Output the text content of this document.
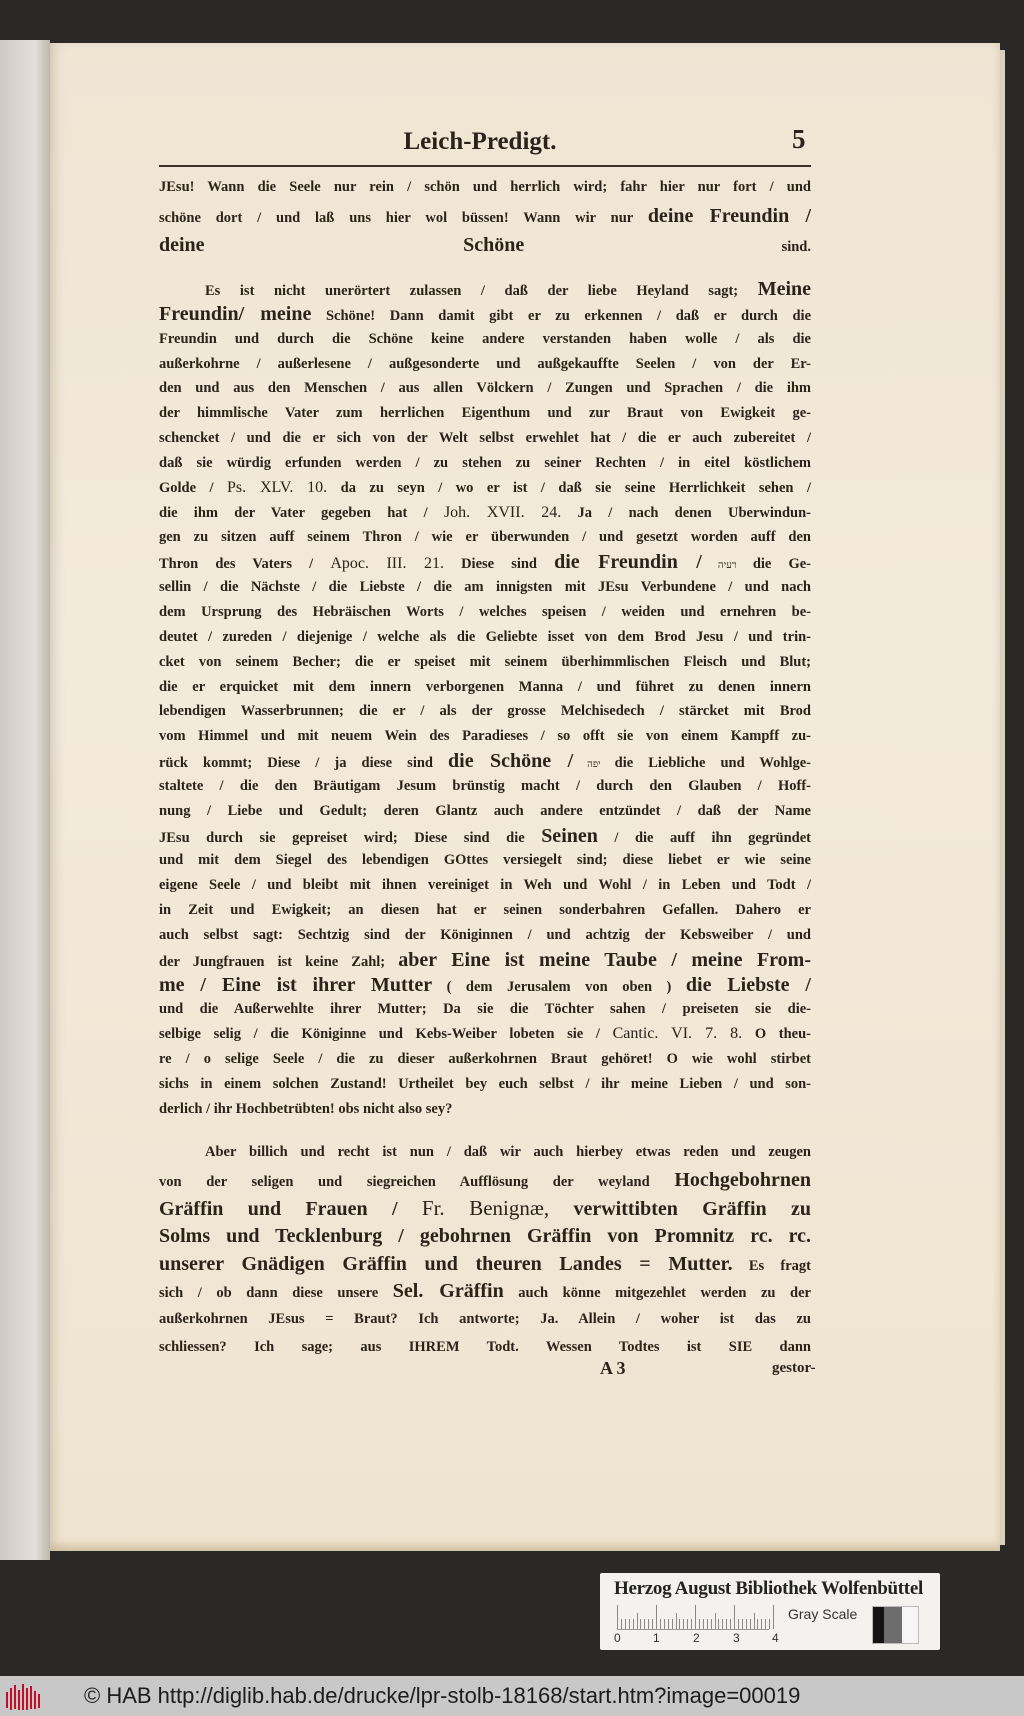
Leich-Predigt.	5
JEsu! Wann die Seele nur rein / schön und herrlich wird; fahr hier nur fort / und
schöne dort / und laß uns hier wol büssen! Wann wir nur deine Freundin /
deine Schöne sind.
Es ist nicht unerörtert zulassen / daß der liebe Heyland sagt; Meine
Freundin/ meine Schöne! Dann damit gibt er zu erkennen / daß er durch die
Freundin und durch die Schöne keine andere verstanden haben wolle / als die
außerkohrne / außerlesene / außgesonderte und außgekauffte Seelen / von der Er-
den und aus den Menschen / aus allen Völckern / Zungen und Sprachen / die ihm
der himmlische Vater zum herrlichen Eigenthum und zur Braut von Ewigkeit ge-
schencket / und die er sich von der Welt selbst erwehlet hat / die er auch zubereitet /
daß sie würdig erfunden werden / zu stehen zu seiner Rechten / in eitel köstlichem
Golde / Ps. XLV. 10. da zu seyn / wo er ist / daß sie seine Herrlichkeit sehen /
die ihm der Vater gegeben hat / Joh. XVII. 24. Ja / nach denen Uberwindun-
gen zu sitzen auff seinem Thron / wie er überwunden / und gesetzt worden auff den
Thron des Vaters / Apoc. III. 21. Diese sind die Freundin / רעיה die Ge-
sellin / die Nächste / die Liebste / die am innigsten mit JEsu Verbundene / und nach
dem Ursprung des Hebräischen Worts / welches speisen / weiden und ernehren be-
deutet / zureden / diejenige / welche als die Geliebte isset von dem Brod Jesu / und trin-
cket von seinem Becher; die er speiset mit seinem überhimmlischen Fleisch und Blut;
die er erquicket mit dem innern verborgenen Manna / und führet zu denen innern
lebendigen Wasserbrunnen; die er / als der grosse Melchisedech / stärcket mit Brod
vom Himmel und mit neuem Wein des Paradieses / so offt sie von einem Kampff zu-
rück kommt; Diese / ja diese sind die Schöne / יפה die Liebliche und Wohlge-
staltete / die den Bräutigam Jesum brünstig macht / durch den Glauben / Hoff-
nung / Liebe und Gedult; deren Glantz auch andere entzündet / daß der Name
JEsu durch sie gepreiset wird; Diese sind die Seinen / die auff ihn gegründet
und mit dem Siegel des lebendigen GOttes versiegelt sind; diese liebet er wie seine
eigene Seele / und bleibt mit ihnen vereiniget in Weh und Wohl / in Leben und Todt /
in Zeit und Ewigkeit; an diesen hat er seinen sonderbahren Gefallen. Dahero er
auch selbst sagt: Sechtzig sind der Königinnen / und achtzig der Kebsweiber / und
der Jungfrauen ist keine Zahl; aber Eine ist meine Taube / meine From-
me / Eine ist ihrer Mutter ( dem Jerusalem von oben ) die Liebste /
und die Außerwehlte ihrer Mutter; Da sie die Töchter sahen / preiseten sie die-
selbige selig / die Königinne und Kebs-Weiber lobeten sie / Cantic. VI. 7. 8. O theu-
re / o selige Seele / die zu dieser außerkohrnen Braut gehöret! O wie wohl stirbet
sichs in einem solchen Zustand! Urtheilet bey euch selbst / ihr meine Lieben / und son-
derlich / ihr Hochbetrübten! obs nicht also sey?
Aber billich und recht ist nun / daß wir auch hierbey etwas reden und zeugen
von der seligen und siegreichen Aufflösung der weyland Hochgebohrnen
Gräffin und Frauen / Fr. Benignæ, verwittibten Gräffin zu
Solms und Tecklenburg / gebohrnen Gräffin von Promnitz rc. rc.
unserer Gnädigen Gräffin und theuren Landes = Mutter. Es fragt
sich / ob dann diese unsere Sel. Gräffin auch könne mitgezehlet werden zu der
außerkohrnen JEsus = Braut? Ich antworte; Ja. Allein / woher ist das zu
schliessen? Ich sage; aus IHREM Todt. Wessen Todtes ist SIE dann
A 3	gestor-
Herzog August Bibliothek Wolfenbüttel
0	1	2	3	4
Gray Scale
© HAB http://diglib.hab.de/drucke/lpr-stolb-18168/start.htm?image=00019
